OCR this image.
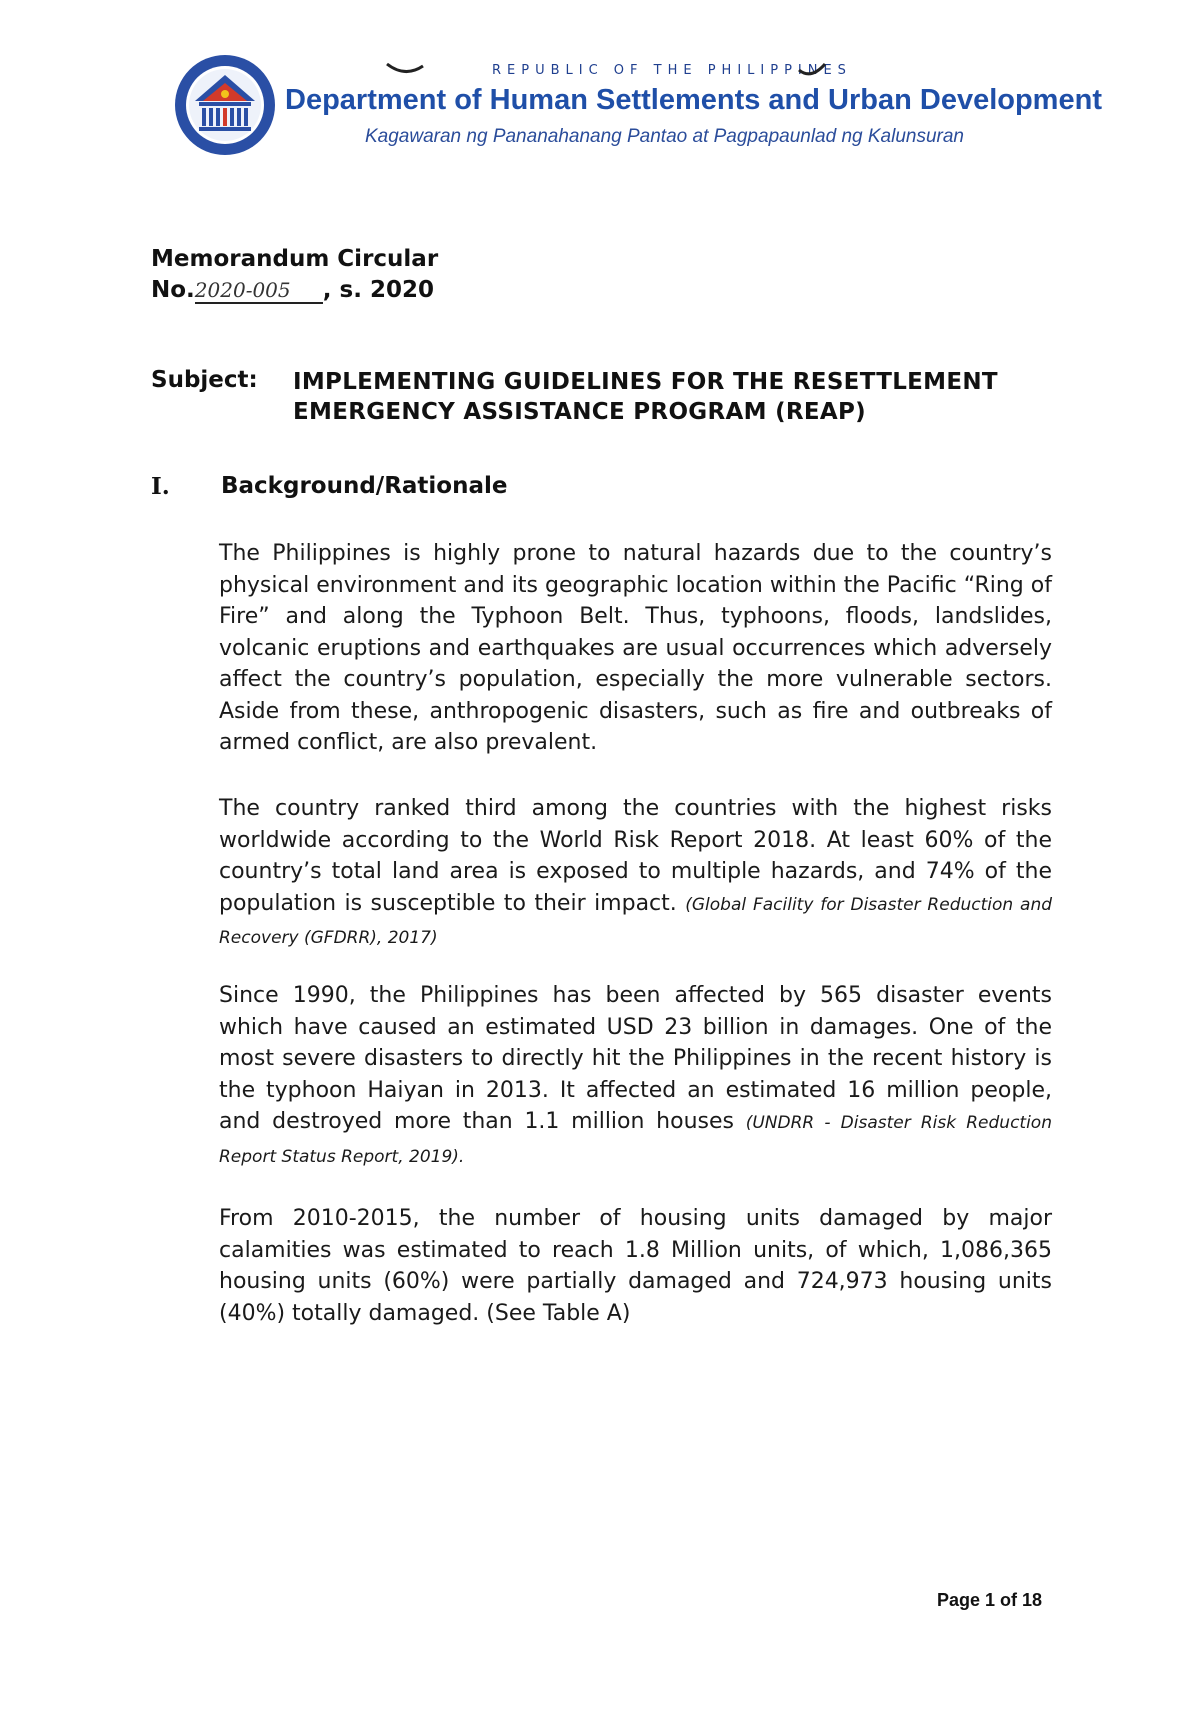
REPUBLIC OF THE PHILIPPINES
Department of Human Settlements and Urban Development
Kagawaran ng Pananahanang Pantao at Pagpapaunlad ng Kalunsuran
Memorandum Circular
No.2020-005 , s. 2020
Subject: IMPLEMENTING GUIDELINES FOR THE RESETTLEMENT EMERGENCY ASSISTANCE PROGRAM (REAP)
I. Background/Rationale
The Philippines is highly prone to natural hazards due to the country’s physical environment and its geographic location within the Pacific “Ring of Fire” and along the Typhoon Belt. Thus, typhoons, floods, landslides, volcanic eruptions and earthquakes are usual occurrences which adversely affect the country’s population, especially the more vulnerable sectors. Aside from these, anthropogenic disasters, such as fire and outbreaks of armed conflict, are also prevalent.
The country ranked third among the countries with the highest risks worldwide according to the World Risk Report 2018. At least 60% of the country’s total land area is exposed to multiple hazards, and 74% of the population is susceptible to their impact. (Global Facility for Disaster Reduction and Recovery (GFDRR), 2017)
Since 1990, the Philippines has been affected by 565 disaster events which have caused an estimated USD 23 billion in damages. One of the most severe disasters to directly hit the Philippines in the recent history is the typhoon Haiyan in 2013. It affected an estimated 16 million people, and destroyed more than 1.1 million houses (UNDRR - Disaster Risk Reduction Report Status Report, 2019).
From 2010-2015, the number of housing units damaged by major calamities was estimated to reach 1.8 Million units, of which, 1,086,365 housing units (60%) were partially damaged and 724,973 housing units (40%) totally damaged. (See Table A)
Page 1 of 18
